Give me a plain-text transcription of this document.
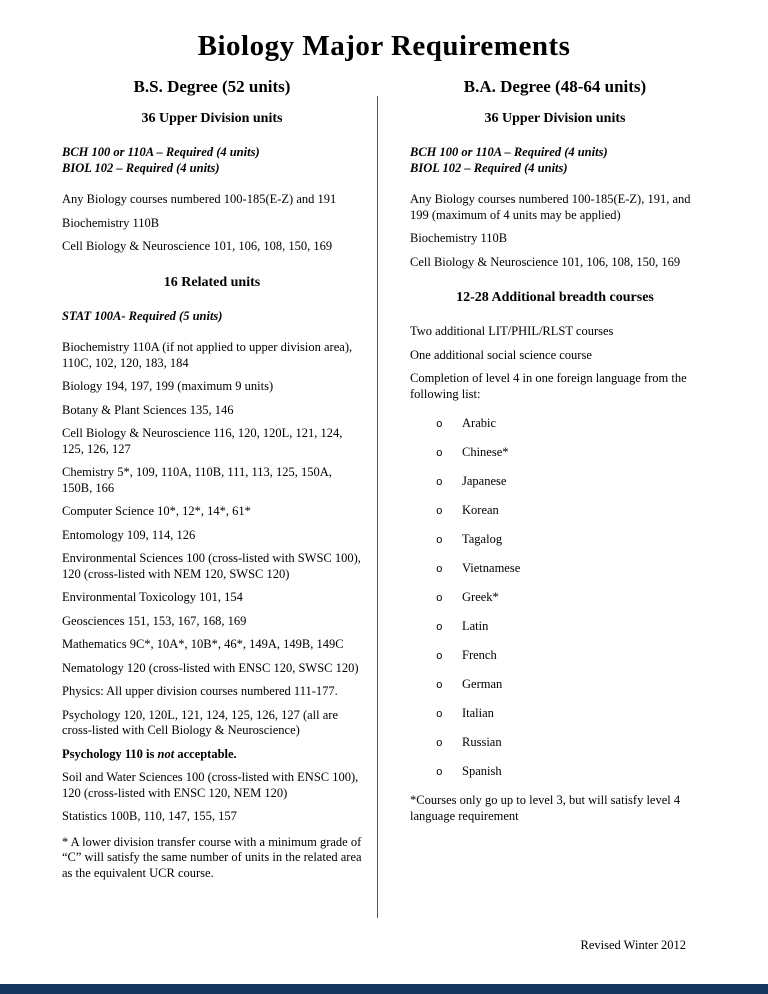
Biology Major Requirements
B.S. Degree (52 units)
36 Upper Division units
BCH 100 or 110A – Required (4 units)
BIOL 102 – Required (4 units)
Any Biology courses numbered 100-185(E-Z) and 191
Biochemistry 110B
Cell Biology & Neuroscience 101, 106, 108, 150, 169
16 Related units
STAT 100A- Required (5 units)
Biochemistry 110A (if not applied to upper division area), 110C, 102, 120, 183, 184
Biology 194, 197, 199 (maximum 9 units)
Botany & Plant Sciences 135, 146
Cell Biology & Neuroscience 116, 120, 120L, 121, 124, 125, 126, 127
Chemistry 5*, 109, 110A, 110B, 111, 113, 125, 150A, 150B, 166
Computer Science 10*, 12*, 14*, 61*
Entomology 109, 114, 126
Environmental Sciences 100 (cross-listed with SWSC 100), 120 (cross-listed with NEM 120, SWSC 120)
Environmental Toxicology 101, 154
Geosciences 151, 153, 167, 168, 169
Mathematics 9C*, 10A*, 10B*, 46*, 149A, 149B, 149C
Nematology 120 (cross-listed with ENSC 120, SWSC 120)
Physics: All upper division courses numbered 111-177.
Psychology 120, 120L, 121, 124, 125, 126, 127 (all are cross-listed with Cell Biology & Neuroscience)
Psychology 110 is not acceptable.
Soil and Water Sciences 100 (cross-listed with ENSC 100), 120 (cross-listed with ENSC 120, NEM 120)
Statistics 100B, 110, 147, 155, 157
* A lower division transfer course with a minimum grade of “C” will satisfy the same number of units in the related area as the equivalent UCR course.
B.A. Degree (48-64 units)
36 Upper Division units
BCH 100 or 110A – Required (4 units)
BIOL 102 – Required (4 units)
Any Biology courses numbered 100-185(E-Z), 191, and 199 (maximum of 4 units may be applied)
Biochemistry 110B
Cell Biology & Neuroscience 101, 106, 108, 150, 169
12-28 Additional breadth courses
Two additional LIT/PHIL/RLST courses
One additional social science course
Completion of level 4 in one foreign language from the following list:
o	Arabic
o	Chinese*
o	Japanese
o	Korean
o	Tagalog
o	Vietnamese
o	Greek*
o	Latin
o	French
o	German
o	Italian
o	Russian
o	Spanish
*Courses only go up to level 3, but will satisfy level 4 language requirement
Revised Winter 2012
